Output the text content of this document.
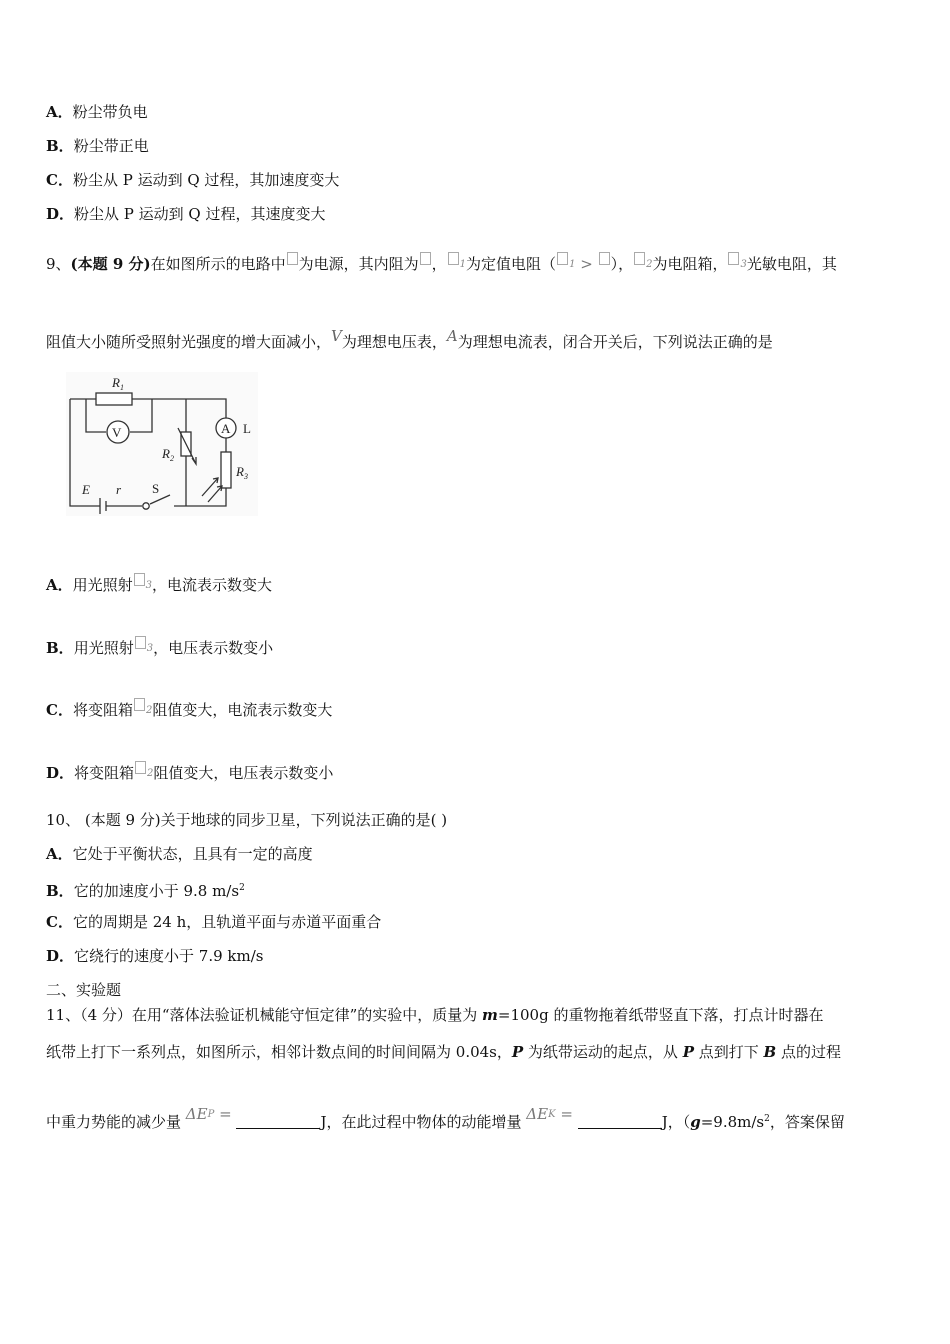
A．粉尘带负电
B．粉尘带正电
C．粉尘从 P 运动到 Q 过程，其加速度变大
D．粉尘从 P 运动到 Q 过程，其速度变大
9、(本题 9 分)在如图所示的电路中 为电源，其内阻为 ， $^1$为定值电阻（ $^1$ > ）， $^2$为电阻箱， $^3$光敏电阻，其
阻值大小随所受照射光强度的增大面减小，V为理想电压表，A为理想电流表，闭合开关后，下列说法正确的是
$R_1$
V
E r S
$R_2$
A L
$R_3$
A．用光照射 $^3$，电流表示数变大
B．用光照射 $^3$，电压表示数变小
C．将变阻箱 $^2$阻值变大，电流表示数变大
D．将变阻箱 $^2$阻值变大，电压表示数变小
10、 (本题 9 分)关于地球的同步卫星，下列说法正确的是( )
A．它处于平衡状态，且具有一定的高度
B．它的加速度小于 9.8 $m/s^2$
C．它的周期是 24 h，且轨道平面与赤道平面重合
D．它绕行的速度小于 7.9 km/s
二、实验题
11、（4 分）在用“落体法验证机械能守恒定律”的实验中，质量为 m=100g 的重物拖着纸带竖直下落，打点计时器在
纸带上打下一系列点，如图所示，相邻计数点间的时间间隔为 0.04s，P 为纸带运动的起点，从 P 点到打下 B 点的过程
中重力势能的减少量 $\Delta E^P$ =	J，在此过程中物体的动能增量 $\Delta E^K$ =	J，（$g=9.8m/s^2$，答案保留
